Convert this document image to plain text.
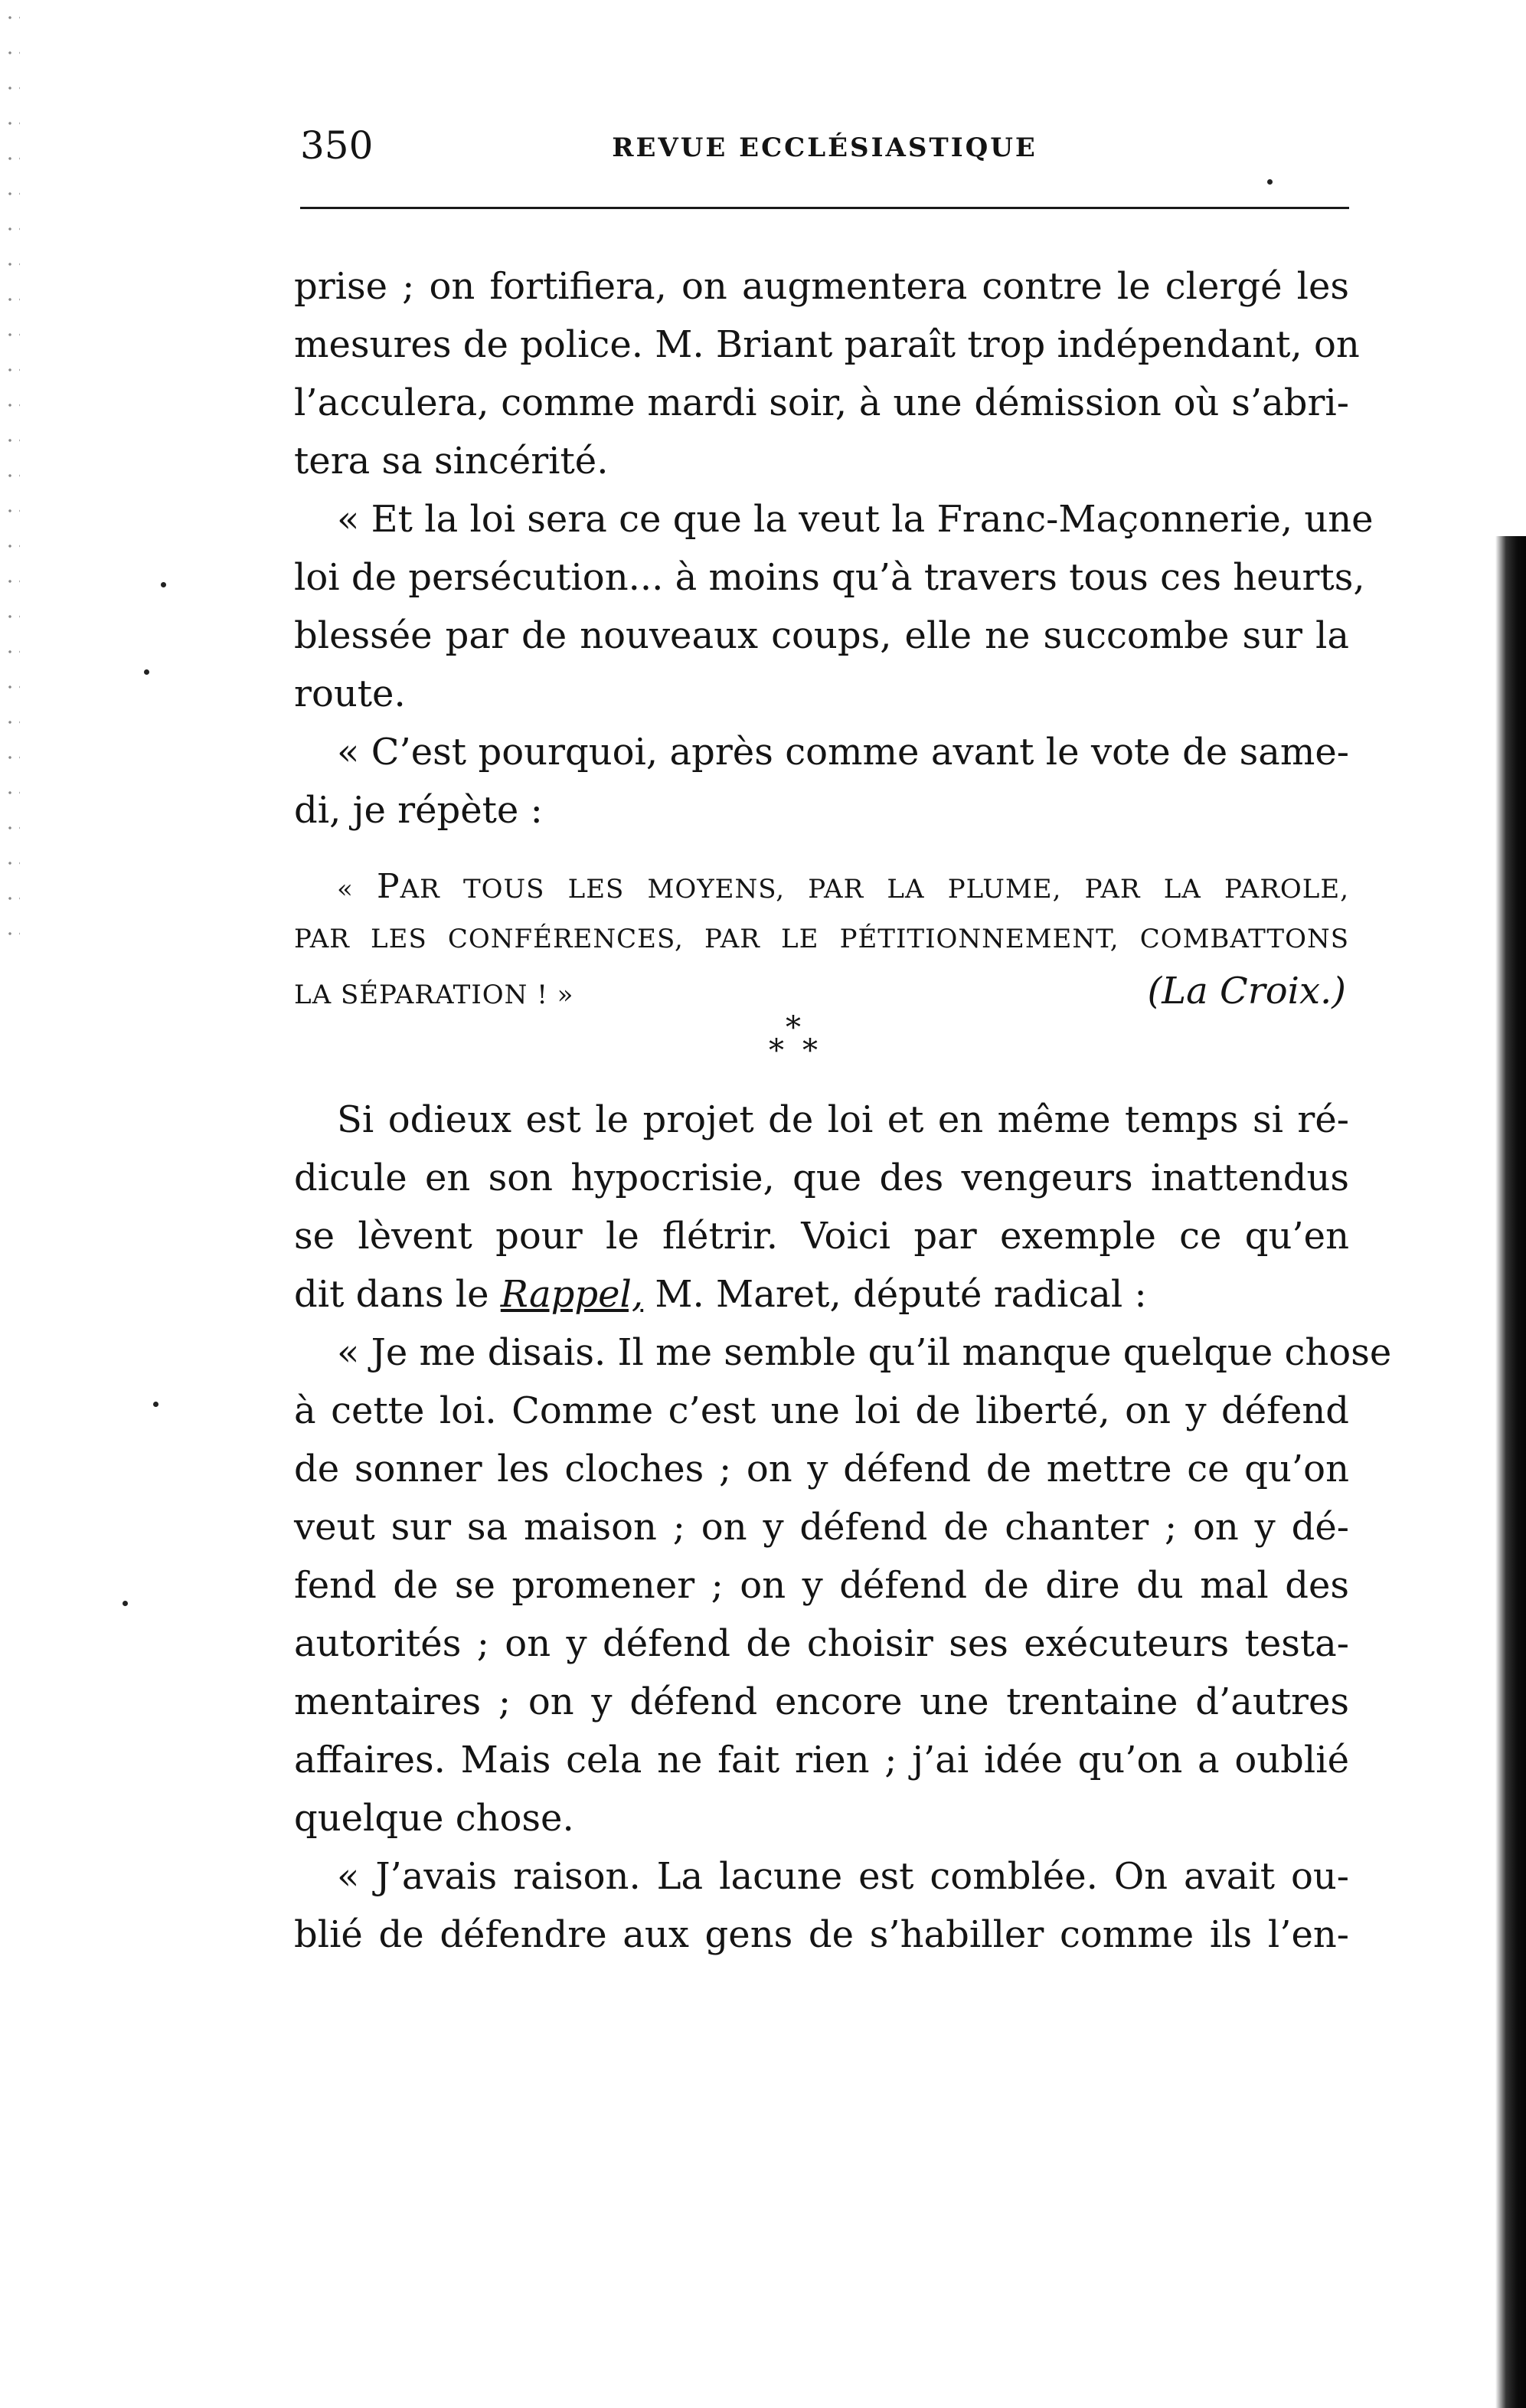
350	REVUE ECCLÉSIASTIQUE
prise ; on fortifiera, on augmentera contre le clergé les
mesures de police. M. Briant paraît trop indépendant, on
l’acculera, comme mardi soir, à une démission où s’abri-
tera sa sincérité.
« Et la loi sera ce que la veut la Franc-Maçonnerie, une
loi de persécution... à moins qu’à travers tous ces heurts,
blessée par de nouveaux coups, elle ne succombe sur la
route.
« C’est pourquoi, après comme avant le vote de same-
di, je répète :
« PAR TOUS LES MOYENS, PAR LA PLUME, PAR LA PAROLE,
PAR LES CONFÉRENCES, PAR LE PÉTITIONNEMENT, COMBATTONS
LA SÉPARATION ! »	(La Croix.)
*
* *
Si odieux est le projet de loi et en même temps si ré-
dicule en son hypocrisie, que des vengeurs inattendus
se lèvent pour le flétrir. Voici par exemple ce qu’en
dit dans le Rappel, M. Maret, député radical :
« Je me disais. Il me semble qu’il manque quelque chose
à cette loi. Comme c’est une loi de liberté, on y défend
de sonner les cloches ; on y défend de mettre ce qu’on
veut sur sa maison ; on y défend de chanter ; on y dé-
fend de se promener ; on y défend de dire du mal des
autorités ; on y défend de choisir ses exécuteurs testa-
mentaires ; on y défend encore une trentaine d’autres
affaires. Mais cela ne fait rien ; j’ai idée qu’on a oublié
quelque chose.
« J’avais raison. La lacune est comblée. On avait ou-
blié de défendre aux gens de s’habiller comme ils l’en-
